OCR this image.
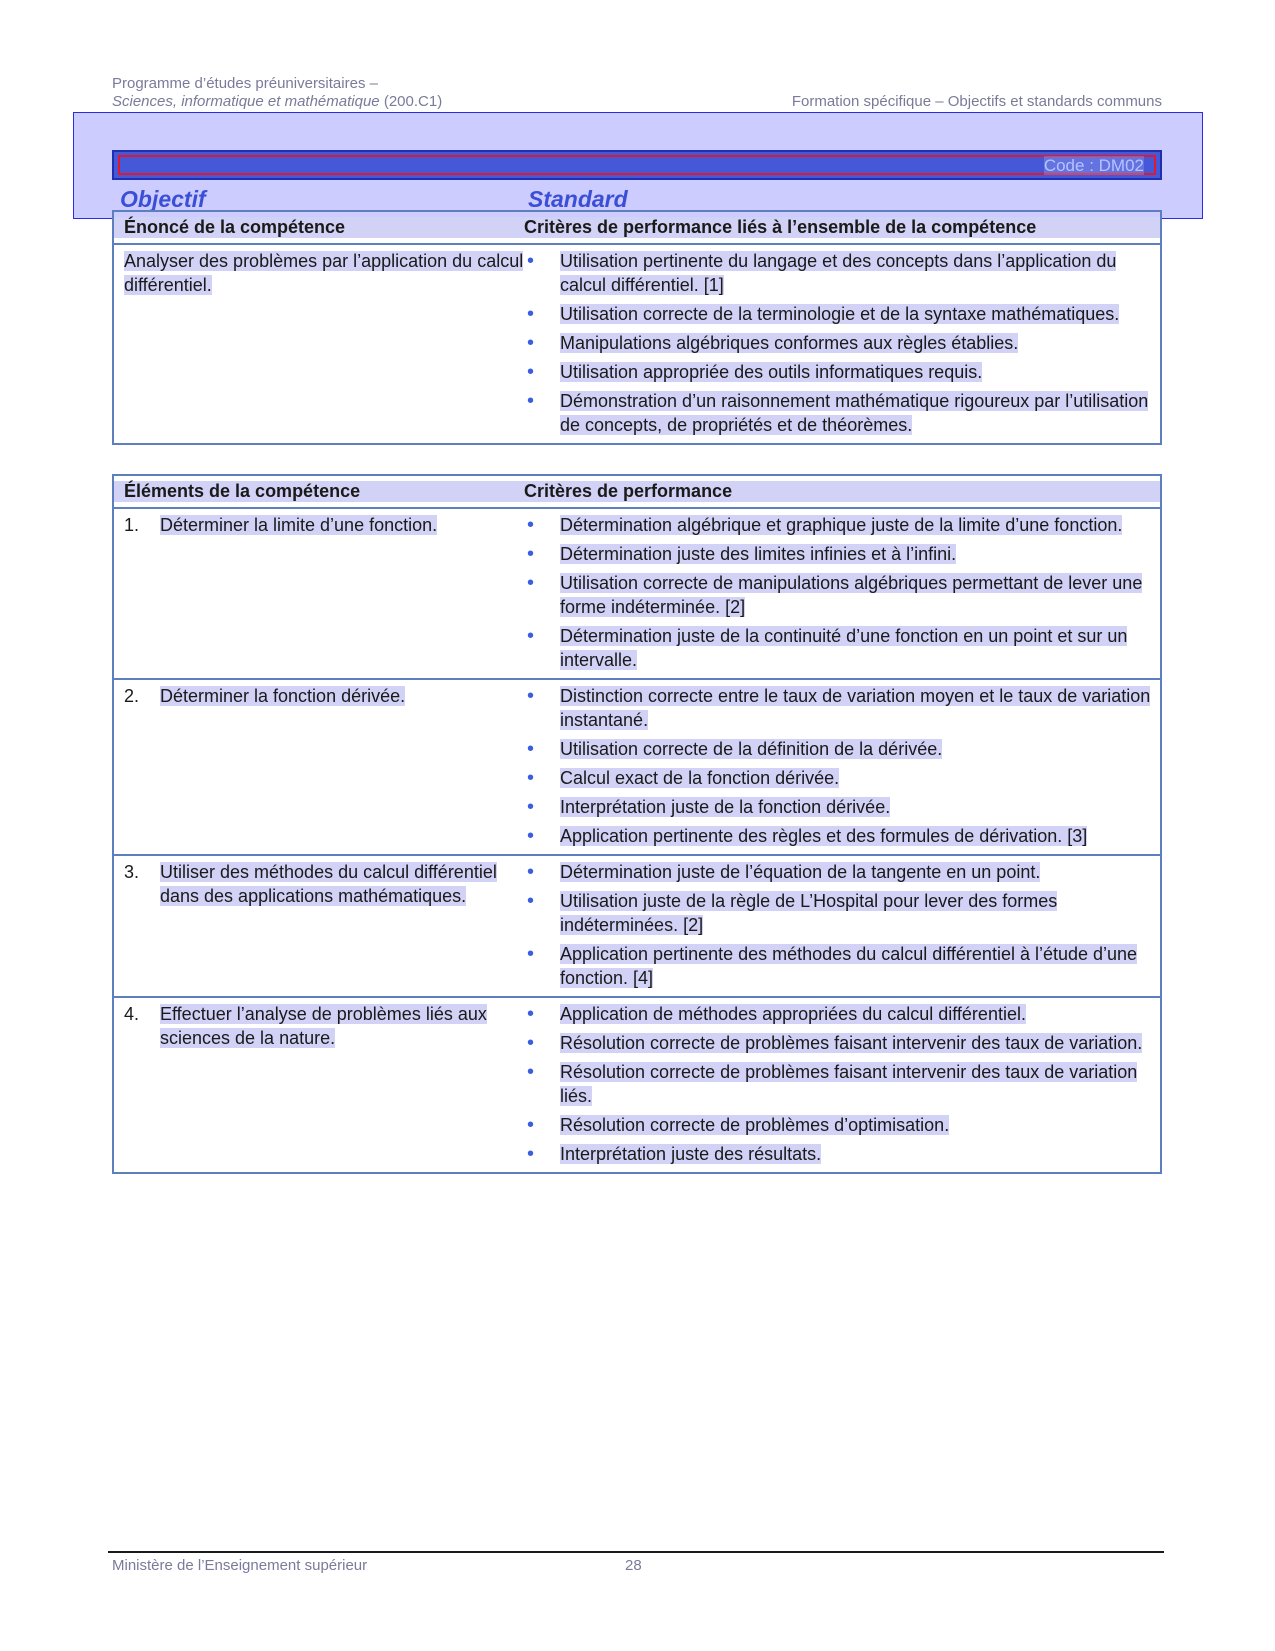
Programme d’études préuniversitaires –
Sciences, informatique et mathématique (200.C1)	Formation spécifique – Objectifs et standards communs
Code : DM02
Objectif	Standard
Énoncé de la compétence	Critères de performance liés à l’ensemble de la compétence
Analyser des problèmes par l’application du calcul différentiel.
• Utilisation pertinente du langage et des concepts dans l’application du calcul différentiel. [1]
• Utilisation correcte de la terminologie et de la syntaxe mathématiques.
• Manipulations algébriques conformes aux règles établies.
• Utilisation appropriée des outils informatiques requis.
• Démonstration d’un raisonnement mathématique rigoureux par l’utilisation de concepts, de propriétés et de théorèmes.
Éléments de la compétence	Critères de performance
1.	Déterminer la limite d’une fonction.	• Détermination algébrique et graphique juste de la limite d’une fonction.
• Détermination juste des limites infinies et à l’infini.
• Utilisation correcte de manipulations algébriques permettant de lever une forme indéterminée. [2]
• Détermination juste de la continuité d’une fonction en un point et sur un intervalle.
2.	Déterminer la fonction dérivée.	• Distinction correcte entre le taux de variation moyen et le taux de variation instantané.
• Utilisation correcte de la définition de la dérivée.
• Calcul exact de la fonction dérivée.
• Interprétation juste de la fonction dérivée.
• Application pertinente des règles et des formules de dérivation. [3]
3.	Utiliser des méthodes du calcul différentiel dans des applications mathématiques.
• Détermination juste de l’équation de la tangente en un point.
• Utilisation juste de la règle de L’Hospital pour lever des formes indéterminées. [2]
• Application pertinente des méthodes du calcul différentiel à l’étude d’une fonction. [4]
4.	Effectuer l’analyse de problèmes liés aux sciences de la nature.
• Application de méthodes appropriées du calcul différentiel.
• Résolution correcte de problèmes faisant intervenir des taux de variation.
• Résolution correcte de problèmes faisant intervenir des taux de variation liés.
• Résolution correcte de problèmes d’optimisation.
• Interprétation juste des résultats.
Ministère de l’Enseignement supérieur	28
